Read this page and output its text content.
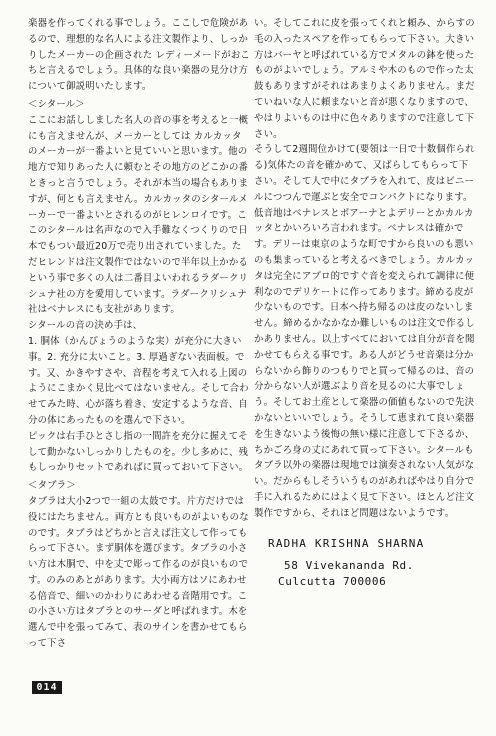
楽器を作ってくれる事でしょう。ここしで危険があるので、理想的な名人による注文製作より、しっかりしたメーカーの企画された レディーメードがおこちと言えるでしょう。具体的な良い楽器の見分け方について御説明いたします。

＜シタール＞

ここにお話ししました名人の音の事を考えると一概にも言えませんが、メーカーとしては カルカッタのメーカーが一番よいと見ていいと思います。他の地方で知りあった人に頼むとその地方のどこかの番ときっと言うでしょう。それが本当の場合もありますが、何とも言えません。カルカッタのシタールメーカーで一番よいとされるのがヒレンロイです。ここのシタールは名声なので入手難なくつくりので日本でもつい最近20万で売り出されていました。ただヒレンドは注文製作ではないので半年以上かかるという事で多くの人は二番目よいわれるラダークリシュナ社の方を愛用しています。ラダークリシュナ社はベナレスにも支社があります。

シタールの音の決め手は、

1. 胴体（かんぴょうのような実）が充分に大きい事。2. 充分に太いこと。3. 厚過ぎない表面板。です。又、かきやすさや、音程を考えて入れる上図のようにこまかく見比べてはないません。そして合わせてみた時、心が落ち着き、安定するような音、自分の体にあったものを選んで下さい。

ピックは右手ひとさし指の一間許を充分に握えてそして動かないしっかりしたものを。少し多めに、残もしっかりセットであればに買っておいて下さい。

＜タブラ＞

タブラは大小2つで一組の太鼓です。片方だけでは役にはたちません。両方とも良いものがよいものなのです。タブラはどちかと言えば注文して作ってもらって下さい。まず胴体を選びます。タブラの小さい方は木胴で、中を丈で彫って作るのが良いものです。のみのあとがあります。大小両方はソにあわせる倍音で、細いのかわりにあわせる音階用です。この小さい方はタブラとのサーダと呼ばれます。木を選んで中を張ってみて、表のサインを書かせてもらって下さ

い。そしてこれに皮を張ってくれと頼み、からすの毛の入ったスペアを作ってもらって下さい。大きい方はバーヤと呼ばれている方でメタルの鉢を使ったものがよいでしょう。アルミや木のもので作った太鼓もありますがそれはあまりよくありません。まだていねいな人に頼まないと音が悪くなりますので、やはりよいものは中に色々ありますので注意して下さい。

そうして2週間位かけて(要領は一日で十数個作られる)気体たの音を確かめて、又ばらしてもらって下さい。そして人で中にタブラを入れて、皮はビニールにつつんで運ぶと安全でコンパクトになります。低音地はベナレスとボアーナとよデリーとかカルカッタとかいろいろ言われます。ベナレスは確かです。デリーは東京のような町ですから良いのも悪いのも集まっていると考えるべきでしょう。カルカッタは完全にアプロ的ですぐ音を変えられて調律に便利なのでデリケートに作ってあります。締める皮が少ないものです。日本へ持ち帰るのは皮のないしません。締めるかなかなか難しいものは注文で作るしかありません。以上すべてにおいては自分が音を聞かせてもらえる事です。ある人がどうせ音楽は分からないから飾りのつもりでと買って帰るのは、音の分からない人が選ぶより音を見るのに大事でしょう。そしてお土産として楽器の価値もないので先決かないといいでしょう。そうして恵まれて良い楽器を生きないよう後悔の無い様に注意して下さるか、ちかごろ身の丈にあれて買って下さい。シタールもタブラ以外の楽器は現地では演奏されない人気がない。だからもしそういうものがあればやはり自分で手に入れるためにはよく見て下さい。ほとんど注文製作ですから、それほど問題はないようです。

RADHA KRISHNA SHARNA
58 Vivekananda Rd.
Culcutta 700006
014
